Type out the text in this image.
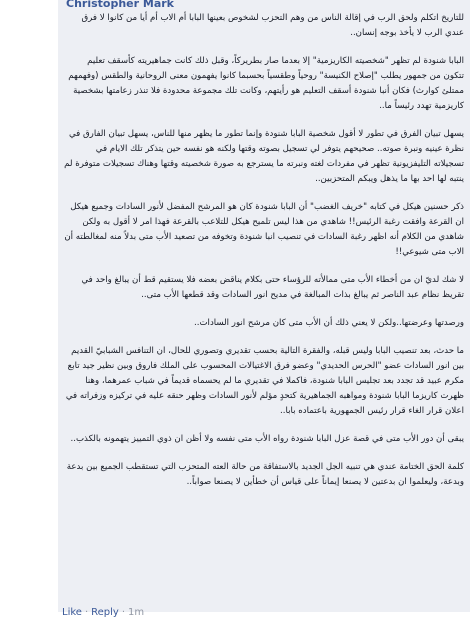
Christopher Mark

للتاريخ اتكلم ولحق الرب في إقالة الناس من وهم التحزب لشخوص بعينها البابا أم الاب أم أيا من كانوا لا فرق عندي الرب لا يأخذ بوجه إنسان..

البابا شنودة لم تظهر "شخصيته الكاريزمية" إلا بعدما صار بطريركاً، وقبل ذلك كانت جماهيريته كأسقف تعليم تتكون من جمهور يطلب "إصلاح الكنيسة" روحياً وطقسياً بحسبما كانوا يفهمون معنى الروحانية والطقس (وفهمهم ممتلئ كوارث) فكان أنبا شنودة أسقف التعليم هو رأيتهم، وكانت تلك مجموعة محدودة فلا تنذر زعامتها بشخصية كاريزمية تهدد رئيساً ما..

يسهل تبيان الفرق في تطور لا أقول شخصية البابا شنودة وإنما تطور ما يظهر منها للناس، يسهل تبيان الفارق في نظرة عينيه ونبرة صوته.. صحيحهم يتوفر لي تسجيل بصوته وقتها ولكنه هو نفسه حين يتذكر تلك الايام في تسجيلاته التليفزيونية تظهر في مفردات لغته ونبرته ما يسترجع به صورة شخصيته وقتها وهناك تسجيلات متوفرة لم ينتبه لها احد بها ما يذهل ويبكم المتحزبين..

ذكر حسنين هيكل في كتابه "خريف الغضب" أن البابا شنودة كان هو المرشح المفضل لأنور السادات وجميع هيكل ان القرعة وافقت رغبة الرئيس!! شاهدي من هذا ليس تلميح هيكل للتلاعب بالقرعة فهذا امر لا أقول به ولكن شاهدي من الكلام أنه اظهر رغبة السادات في تنصيب انبا شنودة وتخوفه من تصعيد الأب متى بدلاً منه لمغالطته أن الاب متى شيوعي!!

لا شك لديّ ان من أخطاء الأب متى ممالأته للرؤساء حتى بكلام يناقض بعضه فلا يستقيم قط أن يبالغ واحد في تقريظ نظام عبد الناصر ثم يبالغ بذات المبالغة في مديح انور السادات وقد قطعها الأب متى..

ورصدتها وعرضتها..ولكن لا يعني ذلك أن الأب متى كان مرشح انور السادات..

ما حدث، بعد تنصيب البابا وليس قبله، والفقرة التالية بحسب تقديري وتصوري للحال، ان التنافس الشبابيّ القديم بين انور السادات عضو "الحرس الحديدي" وعضو فرق الاغتيالات المحسوب على الملك فاروق وبين نظير جيد تابع مكرم عبيد قد تجدد بعد تجليس البابا شنودة، فاكملا في تقديري ما لم يحسماه قديماً في شباب عمرهما، وهنا ظهرت كاريزما البابا شنودة ومواهبه الجماهيرية كتحدٍ مؤلم لأنور السادات وظهر حنقه عليه في تركيزه وزفراته في اعلان قرار الغاء قرار رئيس الجمهورية باعتماده بابا..

يبقى أن دور الأب متى في قصة عزل البابا شنودة رواه الأب متى نفسه ولا أظن ان ذوي التمييز يتهمونه بالكذب..

كلمة الحق الختامة عندي هي تنبيه الجل الجديد بالاستفاقة من حالة العته المتحزب التي تستقطب الجميع بين بدعة وبدعة، وليعلموا ان بدعتين لا يصنعا إيماناً على قياس أن خطأين لا يصنعا صواباً..

Like · Reply · 1m
